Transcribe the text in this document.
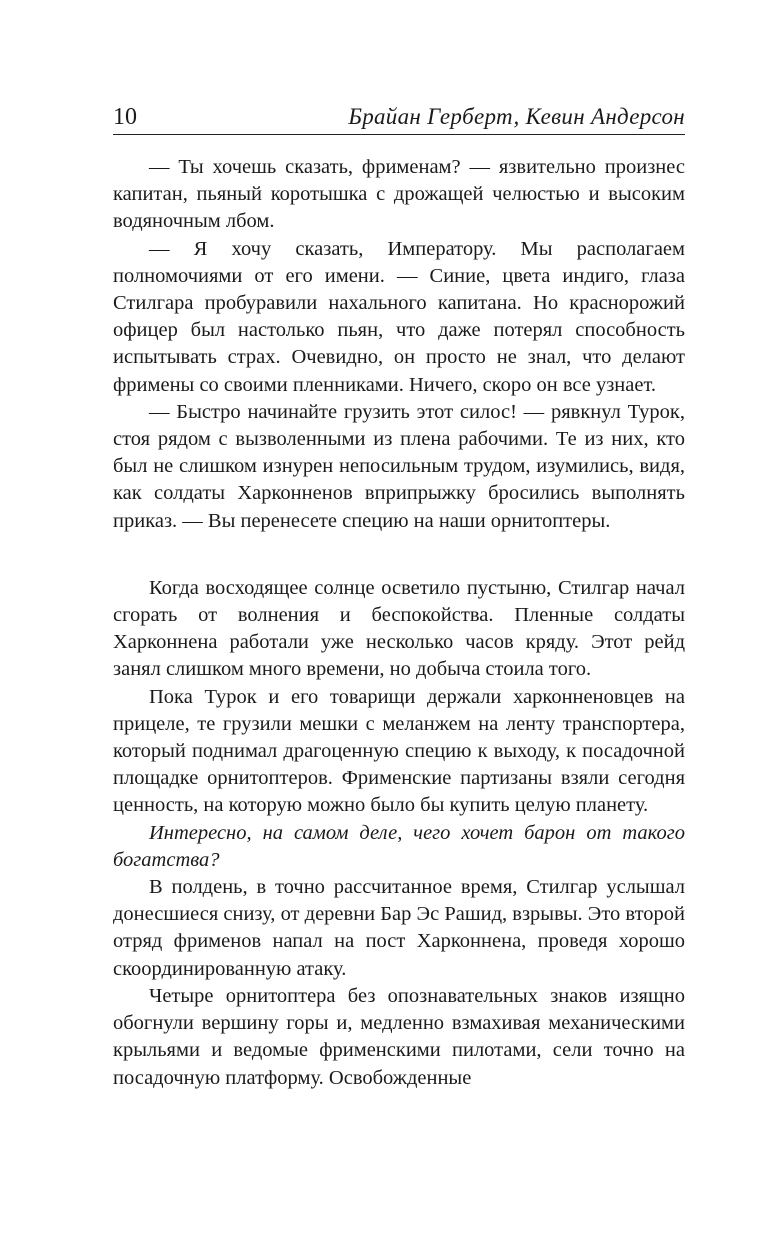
10	Брайан Герберт, Кевин Андерсон

— Ты хочешь сказать, фрименам? — язвительно произнес капитан, пьяный коротышка с дрожащей челюстью и высоким водяночным лбом.

— Я хочу сказать, Императору. Мы располагаем полномочиями от его имени. — Синие, цвета индиго, глаза Стилгара пробуравили нахального капитана. Но краснорожий офицер был настолько пьян, что даже потерял способность испытывать страх. Очевидно, он просто не знал, что делают фримены со своими пленниками. Ничего, скоро он все узнает.

— Быстро начинайте грузить этот силос! — рявкнул Турок, стоя рядом с вызволенными из плена рабочими. Те из них, кто был не слишком изнурен непосильным трудом, изумились, видя, как солдаты Харконненов вприпрыжку бросились выполнять приказ. — Вы перенесете специю на наши орнитоптеры.

Когда восходящее солнце осветило пустыню, Стилгар начал сгорать от волнения и беспокойства. Пленные солдаты Харконнена работали уже несколько часов кряду. Этот рейд занял слишком много времени, но добыча стоила того.

Пока Турок и его товарищи держали харконненовцев на прицеле, те грузили мешки с меланжем на ленту транспортера, который поднимал драгоценную специю к выходу, к посадочной площадке орнитоптеров. Фрименские партизаны взяли сегодня ценность, на которую можно было бы купить целую планету.

Интересно, на самом деле, чего хочет барон от такого богатства?

В полдень, в точно рассчитанное время, Стилгар услышал донесшиеся снизу, от деревни Бар Эс Рашид, взрывы. Это второй отряд фрименов напал на пост Харконнена, проведя хорошо скоординированную атаку.

Четыре орнитоптера без опознавательных знаков изящно обогнули вершину горы и, медленно взмахивая механическими крыльями и ведомые фрименскими пилотами, сели точно на посадочную платформу. Освобожденные
